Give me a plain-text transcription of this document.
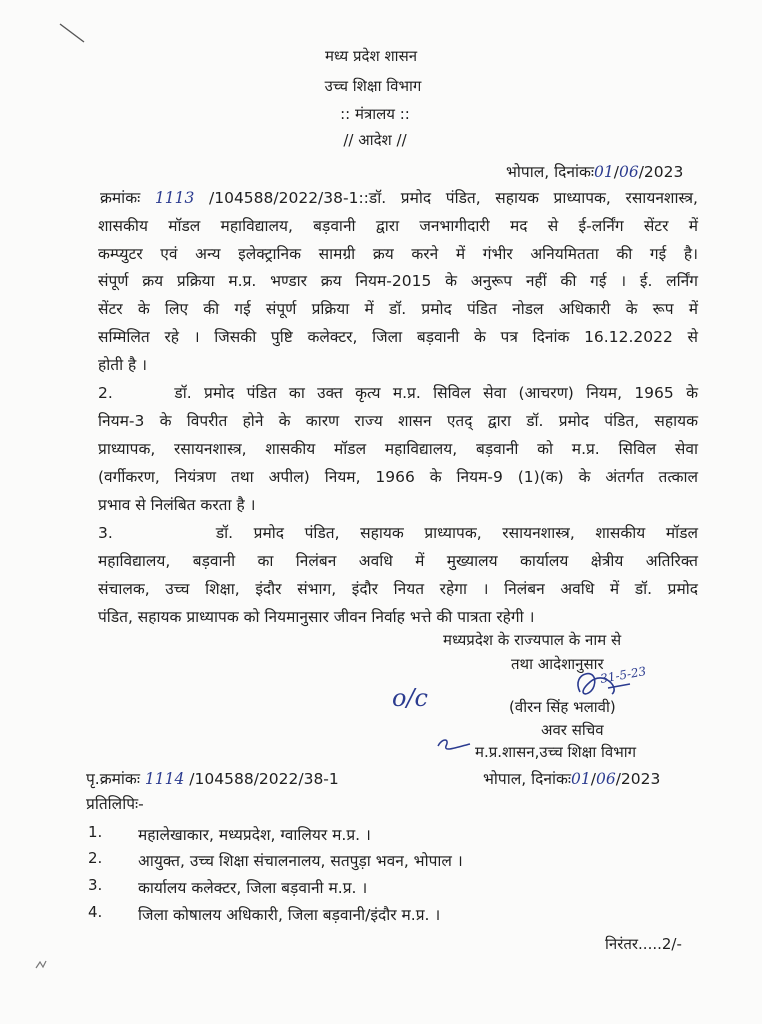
मध्य प्रदेश शासन
उच्च शिक्षा विभाग
:: मंत्रालय ::
// आदेश //
भोपाल, दिनांकः01/06/2023
क्रमांकः 1113 /104588/2022/38-1::डॉ. प्रमोद पंडित, सहायक प्राध्यापक, रसायनशास्त्र,
शासकीय मॉडल महाविद्यालय, बड़वानी द्वारा जनभागीदारी मद से ई-लर्निंग सेंटर में
कम्प्युटर एवं अन्य इलेक्ट्रानिक सामग्री क्रय करने में गंभीर अनियमितता की गई है।
संपूर्ण क्रय प्रक्रिया म.प्र. भण्डार क्रय नियम-2015 के अनुरूप नहीं की गई । ई. लर्निंग
सेंटर के लिए की गई संपूर्ण प्रक्रिया में डॉ. प्रमोद पंडित नोडल अधिकारी के रूप में
सम्मिलित रहे । जिसकी पुष्टि कलेक्टर, जिला बड़वानी के पत्र दिनांक 16.12.2022 से
होती है ।
2.     डॉ. प्रमोद पंडित का उक्त कृत्य म.प्र. सिविल सेवा (आचरण) नियम, 1965 के
नियम-3 के विपरीत होने के कारण राज्य शासन एतद् द्वारा डॉ. प्रमोद पंडित, सहायक
प्राध्यापक, रसायनशास्त्र, शासकीय मॉडल महाविद्यालय, बड़वानी को म.प्र. सिविल सेवा
(वर्गीकरण, नियंत्रण तथा अपील) नियम, 1966 के नियम-9 (1)(क) के अंतर्गत तत्काल
प्रभाव से निलंबित करता है ।
3.     डॉ. प्रमोद पंडित, सहायक प्राध्यापक, रसायनशास्त्र, शासकीय मॉडल
महाविद्यालय, बड़वानी का निलंबन अवधि में मुख्यालय कार्यालय क्षेत्रीय अतिरिक्त
संचालक, उच्च शिक्षा, इंदौर संभाग, इंदौर नियत रहेगा । निलंबन अवधि में डॉ. प्रमोद
पंडित, सहायक प्राध्यापक को नियमानुसार जीवन निर्वाह भत्ते की पात्रता रहेगी ।
मध्यप्रदेश के राज्यपाल के नाम से
तथा आदेशानुसार
o/c
31-5-23
(वीरन सिंह भलावी)
अवर सचिव
म.प्र.शासन,उच्च शिक्षा विभाग
पृ.क्रमांकः 1114 /104588/2022/38-1	भोपाल, दिनांकः01/06/2023
प्रतिलिपिः-
1. महालेखाकार, मध्यप्रदेश, ग्वालियर म.प्र. ।
2. आयुक्त, उच्च शिक्षा संचालनालय, सतपुड़ा भवन, भोपाल ।
3. कार्यालय कलेक्टर, जिला बड़वानी म.प्र. ।
4. जिला कोषालय अधिकारी, जिला बड़वानी/इंदौर म.प्र. ।
निरंतर.....2/-
